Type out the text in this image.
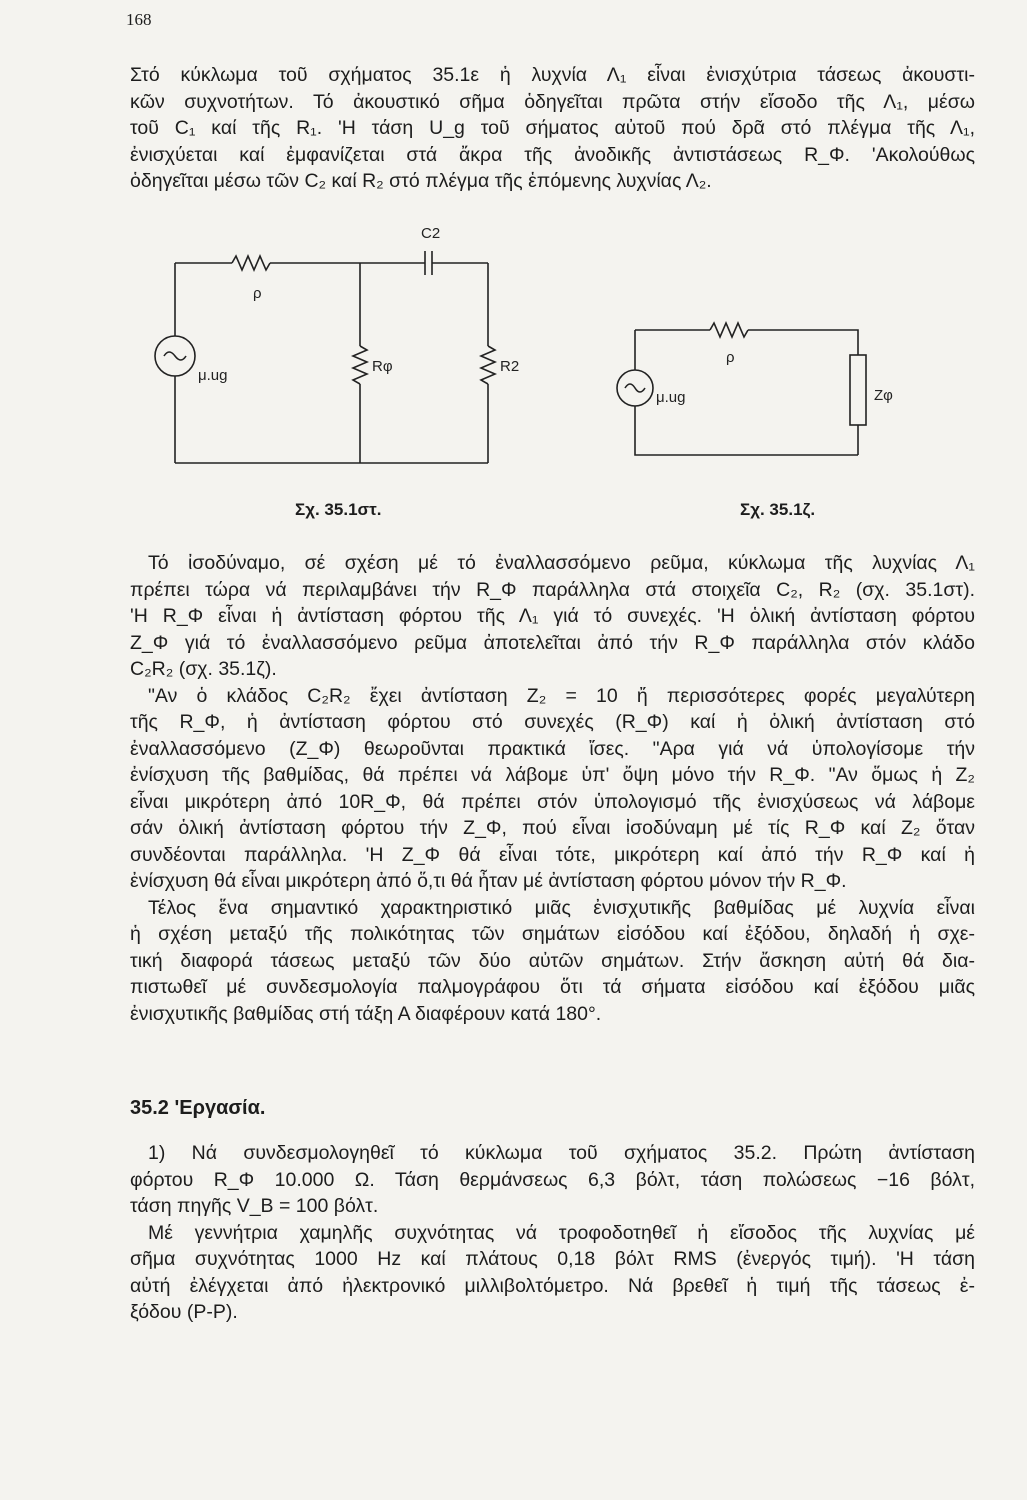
168
Στό κύκλωμα τοῦ σχήματος 35.1ε ἡ λυχνία Λ₁ εἶναι ἐνισχύτρια τάσεως ἀκουστι-
κῶν συχνοτήτων. Τό ἀκουστικό σῆμα ὁδηγεῖται πρῶτα στήν εἴσοδο τῆς Λ₁, μέσω
τοῦ C₁ καί τῆς R₁. 'Η τάση U_g τοῦ σήματος αὐτοῦ πού δρᾶ στό πλέγμα τῆς Λ₁,
ἐνισχύεται καί ἐμφανίζεται στά ἄκρα τῆς ἀνοδικῆς ἀντιστάσεως R_Φ. 'Ακολούθως
ὁδηγεῖται μέσω τῶν C₂ καί R₂ στό πλέγμα τῆς ἑπόμενης λυχνίας Λ₂.
C2
ρ
μ.ug
Rφ	R2
ρ
μ.ug	Zφ
Σχ. 35.1στ.	Σχ. 35.1ζ.
Τό ἰσοδύναμο, σέ σχέση μέ τό ἐναλλασσόμενο ρεῦμα, κύκλωμα τῆς λυχνίας Λ₁
πρέπει τώρα νά περιλαμβάνει τήν R_Φ παράλληλα στά στοιχεῖα C₂, R₂ (σχ. 35.1στ).
'Η R_Φ εἶναι ἡ ἀντίσταση φόρτου τῆς Λ₁ γιά τό συνεχές. 'Η ὁλική ἀντίσταση φόρτου
Z_Φ γιά τό ἐναλλασσόμενο ρεῦμα ἀποτελεῖται ἀπό τήν R_Φ παράλληλα στόν κλάδο
C₂R₂ (σχ. 35.1ζ).
"Αν ὁ κλάδος C₂R₂ ἔχει ἀντίσταση Z₂ = 10 ἤ περισσότερες φορές μεγαλύτερη
τῆς R_Φ, ἡ ἀντίσταση φόρτου στό συνεχές (R_Φ) καί ἡ ὁλική ἀντίσταση στό
ἐναλλασσόμενο (Z_Φ) θεωροῦνται πρακτικά ἴσες. "Αρα γιά νά ὑπολογίσομε τήν
ἐνίσχυση τῆς βαθμίδας, θά πρέπει νά λάβομε ὑπ' ὄψη μόνο τήν R_Φ. "Αν ὅμως ἡ Z₂
εἶναι μικρότερη ἀπό 10R_Φ, θά πρέπει στόν ὑπολογισμό τῆς ἐνισχύσεως νά λάβομε
σάν ὁλική ἀντίσταση φόρτου τήν Z_Φ, πού εἶναι ἰσοδύναμη μέ τίς R_Φ καί Z₂ ὅταν
συνδέονται παράλληλα. 'Η Z_Φ θά εἶναι τότε, μικρότερη καί ἀπό τήν R_Φ καί ἡ
ἐνίσχυση θά εἶναι μικρότερη ἀπό ὅ,τι θά ἦταν μέ ἀντίσταση φόρτου μόνον τήν R_Φ.
Τέλος ἕνα σημαντικό χαρακτηριστικό μιᾶς ἐνισχυτικῆς βαθμίδας μέ λυχνία εἶναι
ἡ σχέση μεταξύ τῆς πολικότητας τῶν σημάτων εἰσόδου καί ἐξόδου, δηλαδή ἡ σχε-
τική διαφορά τάσεως μεταξύ τῶν δύο αὐτῶν σημάτων. Στήν ἄσκηση αὐτή θά δια-
πιστωθεῖ μέ συνδεσμολογία παλμογράφου ὅτι τά σήματα εἰσόδου καί ἐξόδου μιᾶς
ἐνισχυτικῆς βαθμίδας στή τάξη Α διαφέρουν κατά 180°.
35.2 'Εργασία.
1) Νά συνδεσμολογηθεῖ τό κύκλωμα τοῦ σχήματος 35.2. Πρώτη ἀντίσταση
φόρτου R_Φ 10.000 Ω. Τάση θερμάνσεως 6,3 βόλτ, τάση πολώσεως −16 βόλτ,
τάση πηγῆς V_B = 100 βόλτ.
Μέ γεννήτρια χαμηλῆς συχνότητας νά τροφοδοτηθεῖ ἡ εἴσοδος τῆς λυχνίας μέ
σῆμα συχνότητας 1000 Hz καί πλάτους 0,18 βόλτ RMS (ἐνεργός τιμή). 'Η τάση
αὐτή ἐλέγχεται ἀπό ἠλεκτρονικό μιλλιβολτόμετρο. Νά βρεθεῖ ἡ τιμή τῆς τάσεως ἐ-
ξόδου (P-P).
